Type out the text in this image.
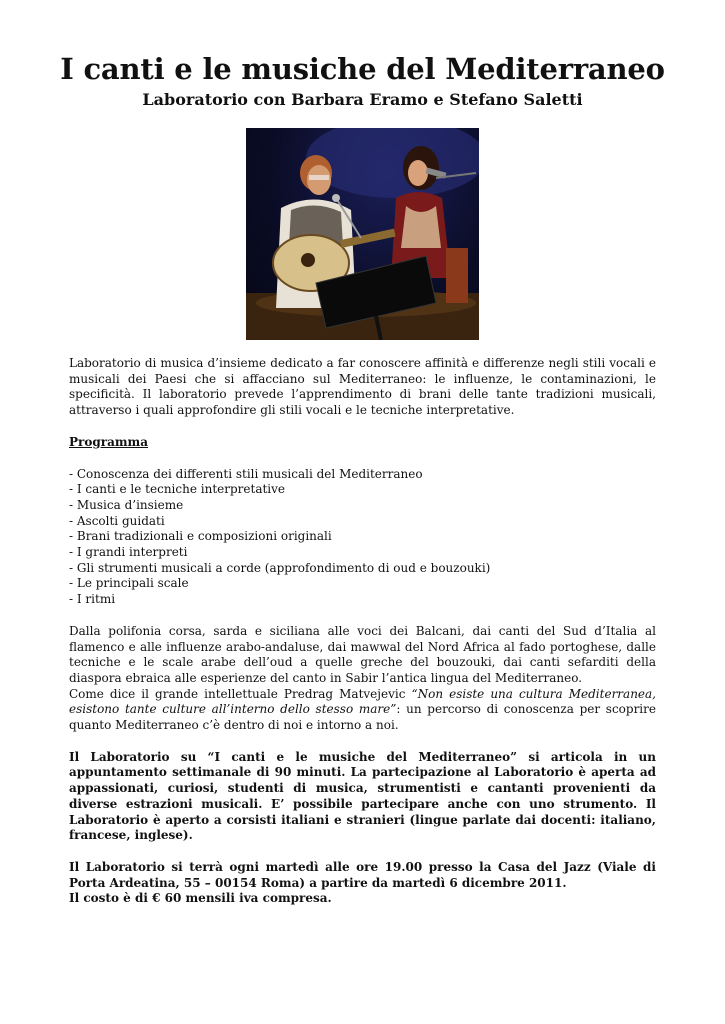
I canti e le musiche del Mediterraneo
Laboratorio con Barbara Eramo e Stefano Saletti

Laboratorio di musica d’insieme dedicato a far conoscere affinità e differenze negli stili vocali e musicali dei Paesi che si affacciano sul Mediterraneo: le influenze, le contaminazioni, le specificità. Il laboratorio prevede l’apprendimento di brani delle tante tradizioni musicali, attraverso i quali approfondire gli stili vocali e le tecniche interpretative.

Programma

- Conoscenza dei differenti stili musicali del Mediterraneo
- I canti e le tecniche interpretative
- Musica d’insieme
- Ascolti guidati
- Brani tradizionali e composizioni originali
- I grandi interpreti
- Gli strumenti musicali a corde (approfondimento di oud e bouzouki)
- Le principali scale
- I ritmi

Dalla polifonia corsa, sarda e siciliana alle voci dei Balcani, dai canti del Sud d’Italia al flamenco e alle influenze arabo-andaluse, dai mawwal del Nord Africa al fado portoghese, dalle tecniche e le scale arabe dell’oud a quelle greche del bouzouki, dai canti sefarditi della diaspora ebraica alle esperienze del canto in Sabir l’antica lingua del Mediterraneo.

Come dice il grande intellettuale Predrag Matvejevic “Non esiste una cultura Mediterranea, esistono tante culture all’interno dello stesso mare”: un percorso di conoscenza per scoprire quanto Mediterraneo c’è dentro di noi e intorno a noi.

Il Laboratorio su “I canti e le musiche del Mediterraneo” si articola in un appuntamento settimanale di 90 minuti. La partecipazione al Laboratorio è aperta ad appassionati, curiosi, studenti di musica, strumentisti e cantanti provenienti da diverse estrazioni musicali. E’ possibile partecipare anche con uno strumento. Il Laboratorio è aperto a corsisti italiani e stranieri (lingue parlate dai docenti: italiano, francese, inglese).

Il Laboratorio si terrà ogni martedì alle ore 19.00 presso la Casa del Jazz (Viale di Porta Ardeatina, 55 – 00154 Roma) a partire da martedì 6 dicembre 2011.

Il costo è di € 60 mensili iva compresa.
